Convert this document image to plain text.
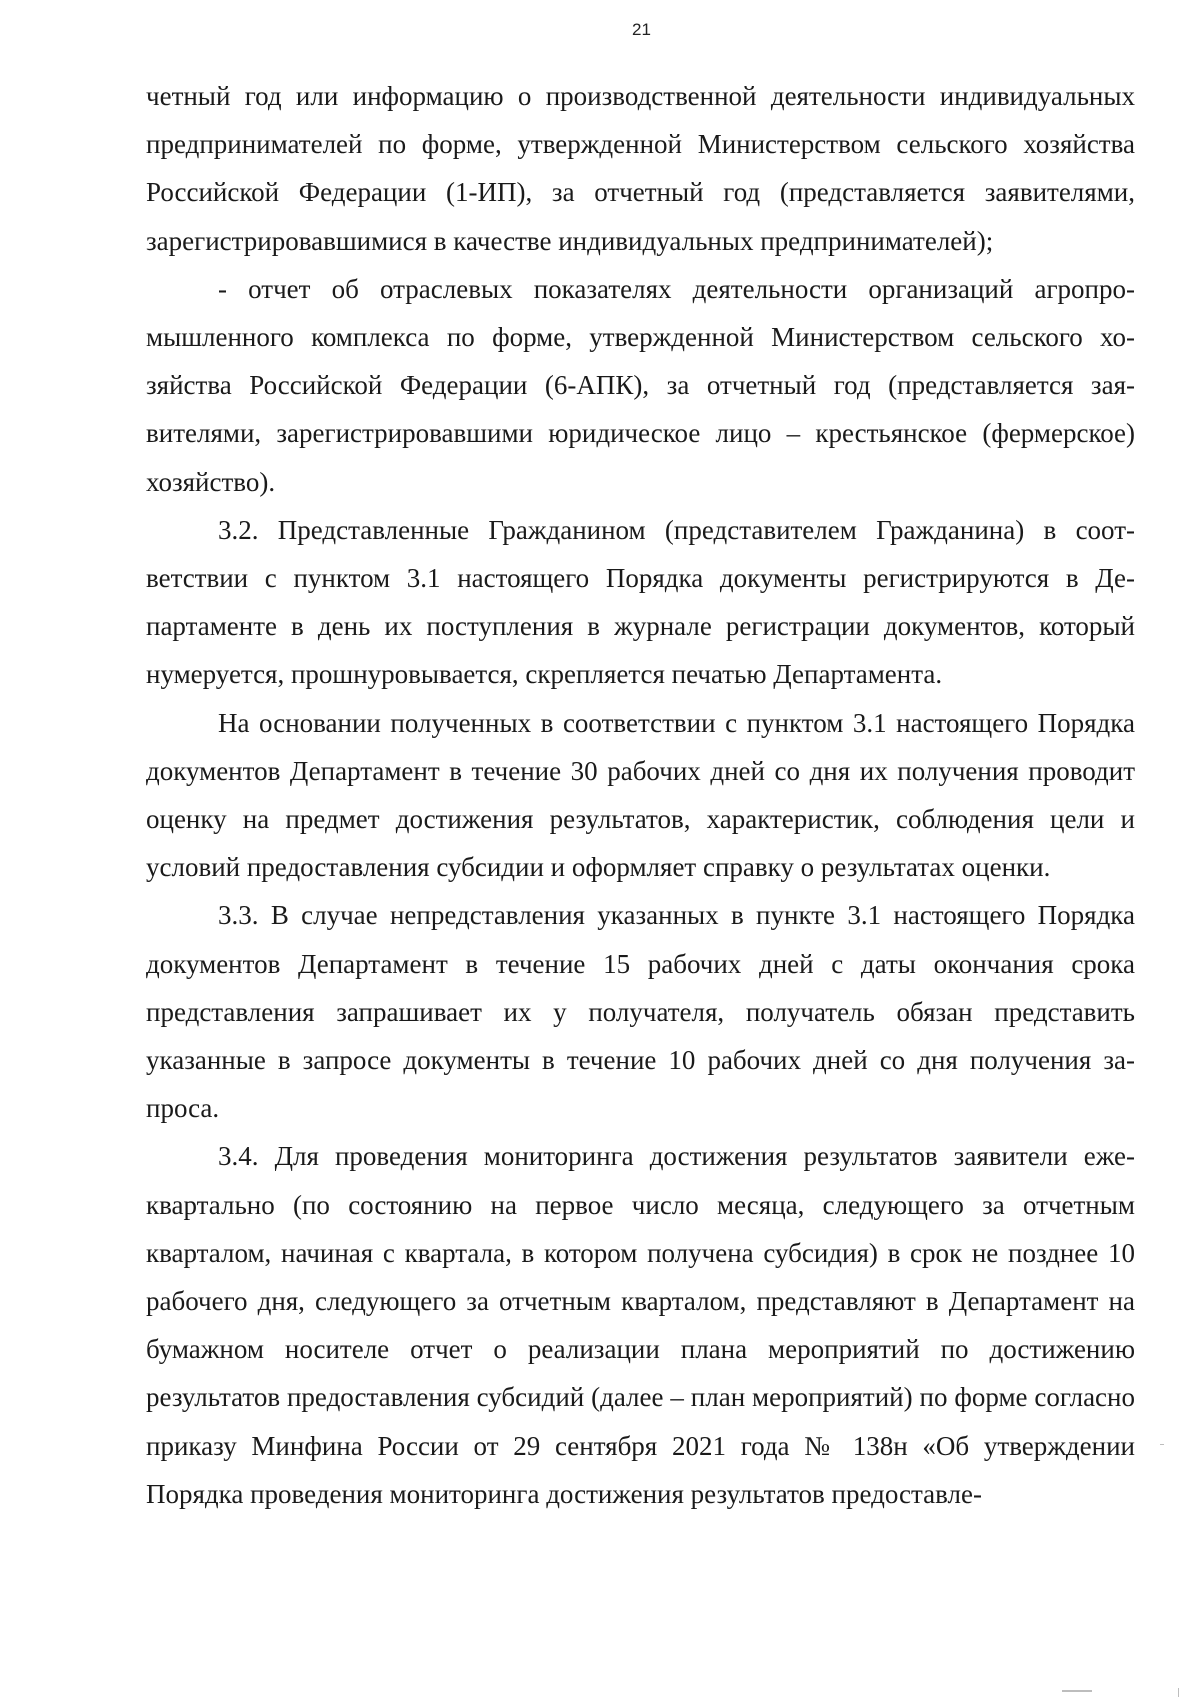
21

четный год или информацию о производственной деятельности индивидуальных предпринимателей по форме, утвержденной Министерством сельского хозяйства Российской Федерации (1-ИП), за отчетный год (представляется заявителями, зарегистрировавшимися в качестве индивидуальных предпринимателей);

- отчет об отраслевых показателях деятельности организаций агропромышленного комплекса по форме, утвержденной Министерством сельского хозяйства Российской Федерации (6-АПК), за отчетный год (представляется заявителями, зарегистрировавшими юридическое лицо – крестьянское (фермерское) хозяйство).

3.2. Представленные Гражданином (представителем Гражданина) в соответствии с пунктом 3.1 настоящего Порядка документы регистрируются в Департаменте в день их поступления в журнале регистрации документов, который нумеруется, прошнуровывается, скрепляется печатью Департамента.

На основании полученных в соответствии с пунктом 3.1 настоящего Порядка документов Департамент в течение 30 рабочих дней со дня их получения проводит оценку на предмет достижения результатов, характеристик, соблюдения цели и условий предоставления субсидии и оформляет справку о результатах оценки.

3.3. В случае непредставления указанных в пункте 3.1 настоящего Порядка документов Департамент в течение 15 рабочих дней с даты окончания срока представления запрашивает их у получателя, получатель обязан представить указанные в запросе документы в течение 10 рабочих дней со дня получения запроса.

3.4. Для проведения мониторинга достижения результатов заявители ежеквартально (по состоянию на первое число месяца, следующего за отчетным кварталом, начиная с квартала, в котором получена субсидия) в срок не позднее 10 рабочего дня, следующего за отчетным кварталом, представляют в Департамент на бумажном носителе отчет о реализации плана мероприятий по достижению результатов предоставления субсидий (далее – план мероприятий) по форме согласно приказу Минфина России от 29 сентября 2021 года № 138н «Об утверждении Порядка проведения мониторинга достижения результатов предоставле-
